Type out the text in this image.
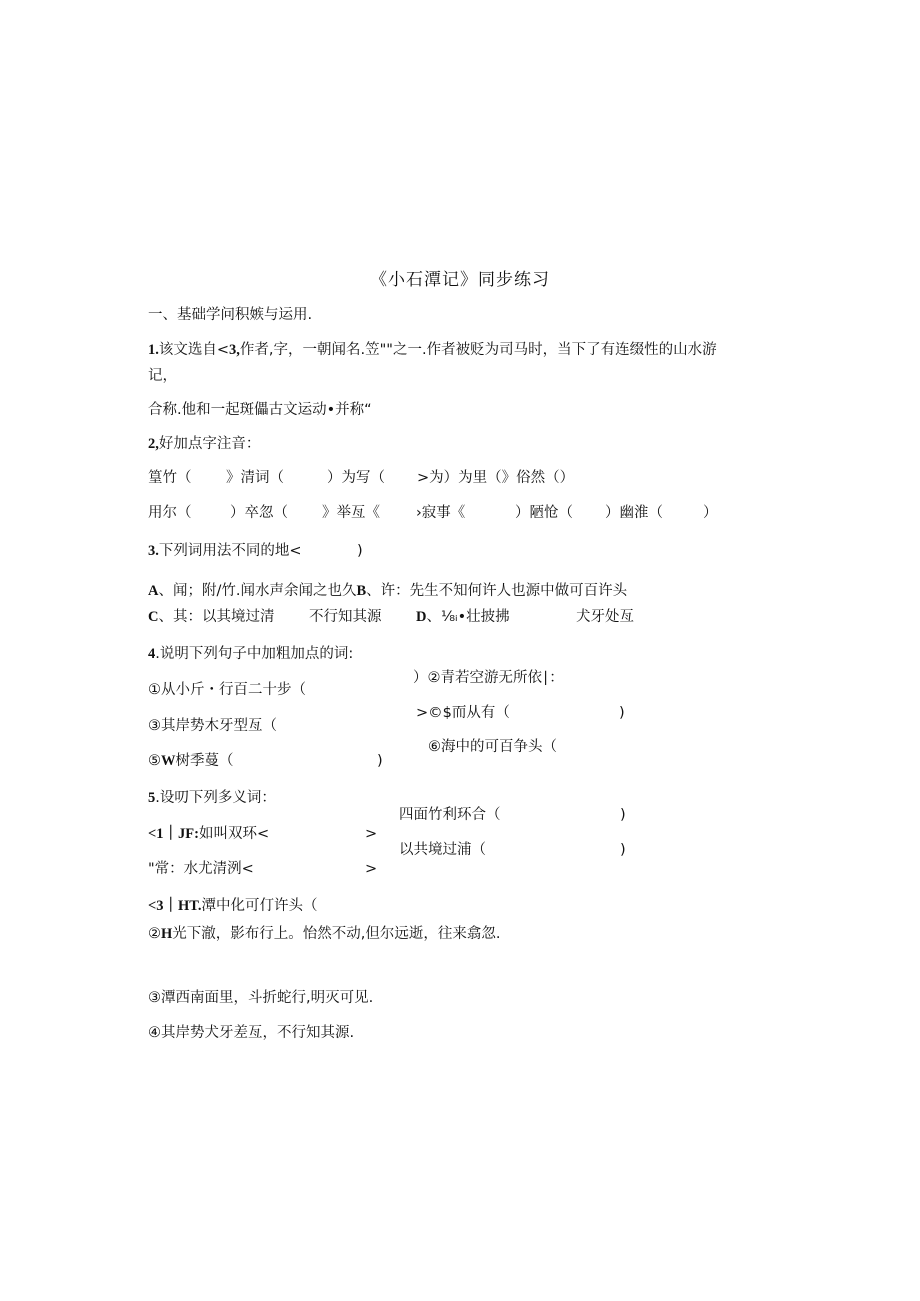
《小石潭记》同步练习
一、基础学问积嫉与运用.
1.该文选自<3,作者,字，一朝闻名.笠""之一.作者被贬为司马时，当下了有连缀性的山水游
记，
合称.他和一起斑儡古文运动•并称“
2,好加点字注音：
篁竹（ 》清词（	）为写（ >为）为里（》俗然（）
用尔（	）卒忽（ 》举亙《 ›寂事《	）陋怆（ ）幽淮（	）
3.下列词用法不同的地<	)
A、闻；附/竹.闻水声余闻之也久B、许：先生不知何许人也源中做可百许头
C、其：以其境过清 不行知其源 D、⅛ᵢ•壮披拂	犬牙处亙
4.说明下列句子中加粗加点的词:
）②青若空游无所依∣：
①从小斤・行百二十步（
>©$而从有（	)
③其岸势木牙型亙（
⑥海中的可百争头（
⑤W树季蔓（	)
5.设叨下列多义词：
四面竹利环合（	)
<1｜JF:如叫双环<	>
以共境过浦（	)
"常：水尤清洌<	>
<3｜HT.潭中化可仃许头（
②H光下澈，影布行上。怡然不动,但尔远逝，往来翕忽.
③潭西南面里，斗折蛇行,明灭可见.
④其岸势犬牙差亙，不行知其源.
